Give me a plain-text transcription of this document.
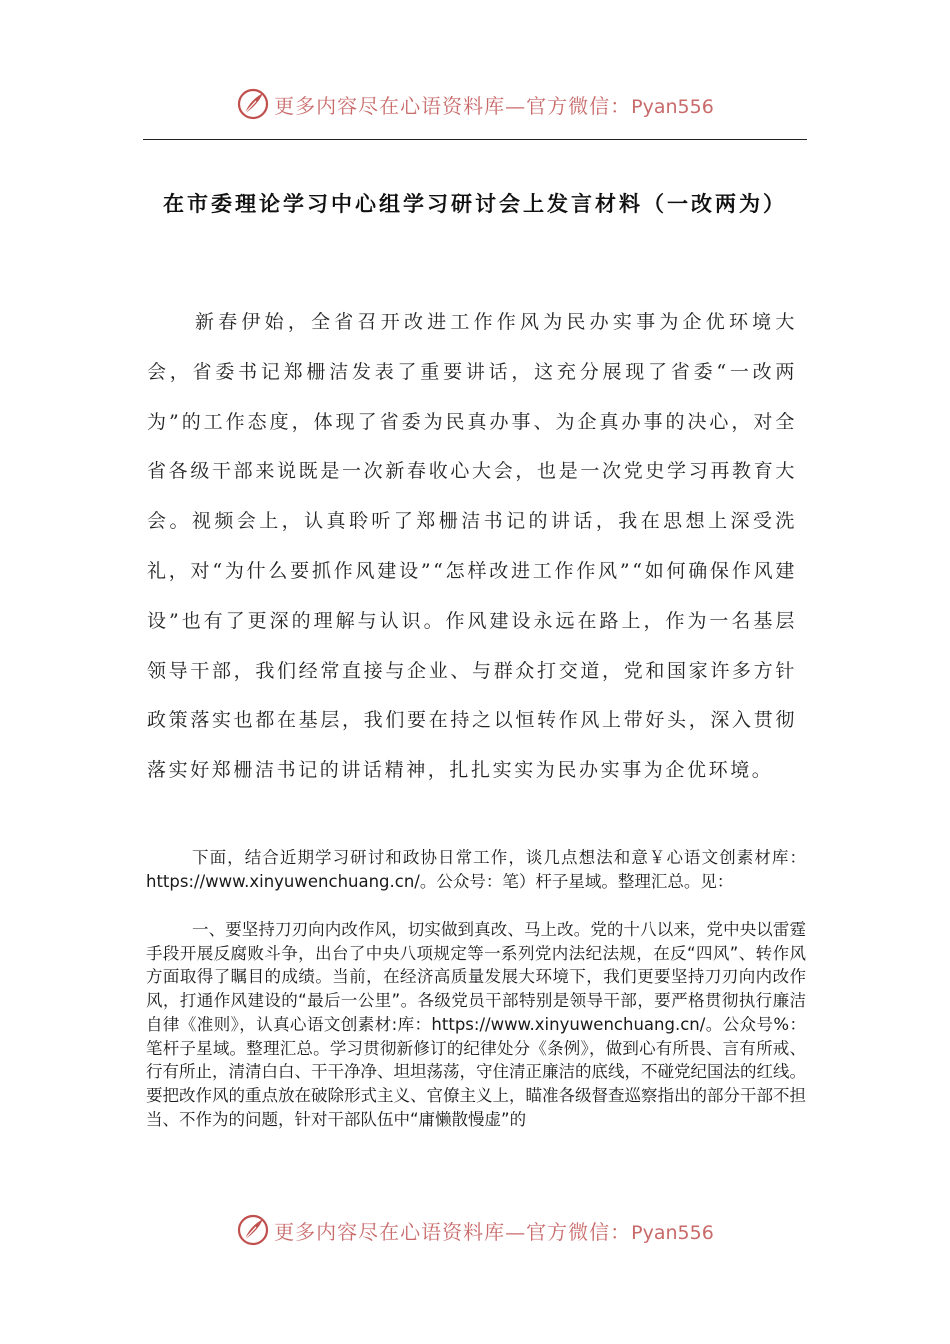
更多内容尽在心语资料库—官方微信：Pyan556
在市委理论学习中心组学习研讨会上发言材料（一改两为）

新春伊始，全省召开改进工作作风为民办实事为企优环境大会，省委书记郑栅洁发表了重要讲话，这充分展现了省委“一改两为”的工作态度，体现了省委为民真办事、为企真办事的决心，对全省各级干部来说既是一次新春收心大会，也是一次党史学习再教育大会。视频会上，认真聆听了郑栅洁书记的讲话，我在思想上深受洗礼，对“为什么要抓作风建设”“怎样改进工作作风”“如何确保作风建设”也有了更深的理解与认识。作风建设永远在路上，作为一名基层领导干部，我们经常直接与企业、与群众打交道，党和国家许多方针政策落实也都在基层，我们要在持之以恒转作风上带好头，深入贯彻落实好郑栅洁书记的讲话精神，扎扎实实为民办实事为企优环境。

下面，结合近期学习研讨和政协日常工作，谈几点想法和意￥心语文创素材库：https://www.xinyuwenchuang.cn/。公众号：笔）杆子星域。整理汇总。见：

一、要坚持刀刃向内改作风，切实做到真改、马上改。党的十八以来，党中央以雷霆手段开展反腐败斗争，出台了中央八项规定等一系列党内法纪法规，在反“四风”、转作风方面取得了瞩目的成绩。当前，在经济高质量发展大环境下，我们更要坚持刀刃向内改作风，打通作风建设的“最后一公里”。各级党员干部特别是领导干部，要严格贯彻执行廉洁自律《准则》，认真心语文创素材:库：https://www.xinyuwenchuang.cn/。公众号%：笔杆子星域。整理汇总。学习贯彻新修订的纪律处分《条例》，做到心有所畏、言有所戒、行有所止，清清白白、干干净净、坦坦荡荡，守住清正廉洁的底线，不碰党纪国法的红线。要把改作风的重点放在破除形式主义、官僚主义上，瞄准各级督查巡察指出的部分干部不担当、不作为的问题，针对干部队伍中“庸懒散慢虚”的

更多内容尽在心语资料库—官方微信：Pyan556
